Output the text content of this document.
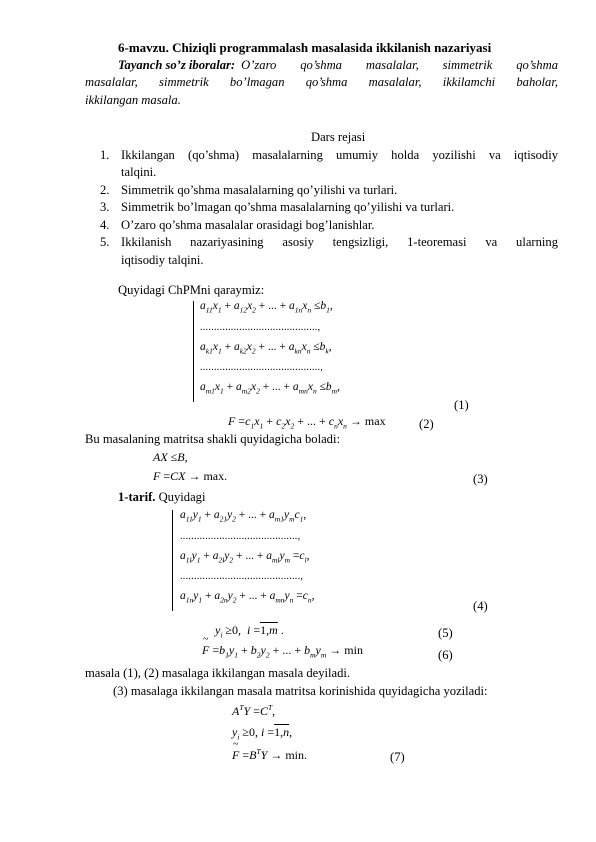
6-mavzu. Chiziqli programmalash masalasida ikkilanish nazariyasi
Tayanch so’z iboralar: O’zaro qo’shma masalalar, simmetrik qo’shma
masalalar, simmetrik bo’lmagan qo’shma masalalar, ikkilamchi baholar,
ikkilangan masala.
Dars rejasi
1. Ikkilangan (qo’shma) masalalarning umumiy holda yozilishi va iqtisodiy
talqini.
2. Simmetrik qo’shma masalalarning qo’yilishi va turlari.
3. Simmetrik bo’lmagan qo’shma masalalarning qo’yilishi va turlari.
4. O’zaro qo’shma masalalar orasidagi bog’lanishlar.
5. Ikkilanish nazariyasining asosiy tengsizligi, 1-teoremasi va ularning
iqtisodiy talqini.
Quyidagi ChPMni qaraymiz:
$a_{11}x_1 + a_{12}x_2$ + ... + $a_{1n}x_n \le b_1$,
..........................................,
$a_{k1}x_1 + a_{k2}x_2$ + ... + $a_{kn}x_n \le b_k$,
...........................................,
$a_{m1}x_1 + a_{m2}x_2$ + ... + $a_{mn}x_n \le b_m$,
(1)
$F =c_1x_1 + c_2x_2$ + ... + $c_nx_n \to \max$	(2)
Bu masalaning matritsa shakli quyidagicha boladi:
AX ≤B,
F =CX → max.	(3)
1-tarif. Quyidagi
$a_{11}y_1 + a_{21}y_2$ + ... + $a_{m1}y_mc_1$,
..........................................,
$a_{1l}y_1 + a_{2l}y_2$ + ... + $a_{ml}y_m =c_l$,
...........................................,
$a_{1n}y_1 + a_{2n}y_2$ + ... + $a_{mn}y_n =c_n$,
(4)
$y_i \ge 0$,  $i =1,\overline{m}$ .	(5)
~ $F =b_1y_1 + b_2y_2$ + ... + $b_my_m \to \min$	(6)
masala (1), (2) masalaga ikkilangan masala deyiladi.
(3) masalaga ikkilangan masala matritsa korinishida quyidagicha yoziladi:
$A^TY =C^T$,
$y_i \ge 0$, $i =1,\overline{n}$,
~ $F =B^TY \to \min$.	(7)
